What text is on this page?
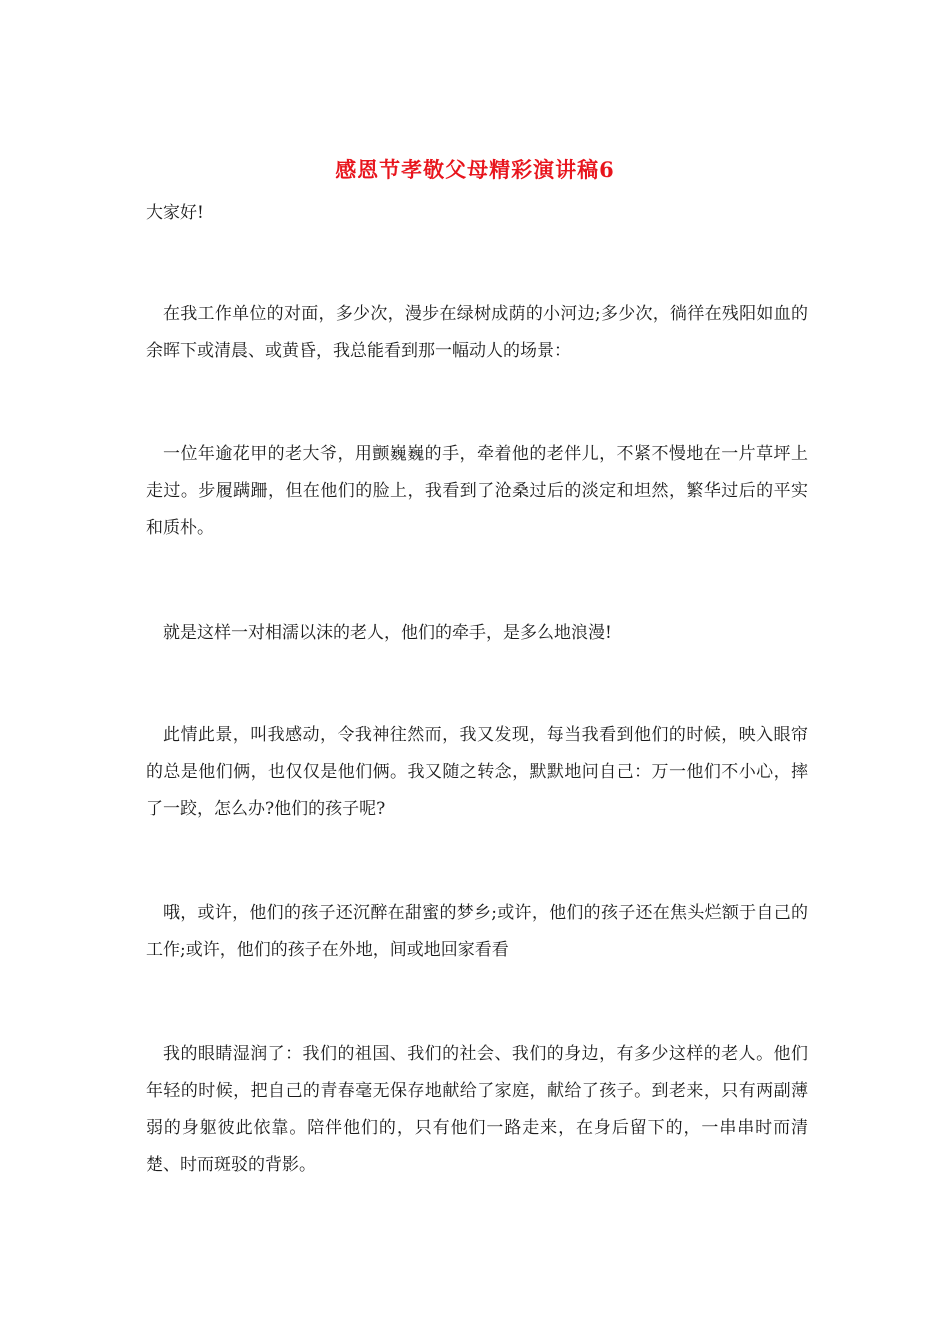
感恩节孝敬父母精彩演讲稿6
大家好!

在我工作单位的对面，多少次，漫步在绿树成荫的小河边;多少次，徜徉在残阳如血的余晖下或清晨、或黄昏，我总能看到那一幅动人的场景：

一位年逾花甲的老大爷，用颤巍巍的手，牵着他的老伴儿，不紧不慢地在一片草坪上走过。步履蹒跚，但在他们的脸上，我看到了沧桑过后的淡定和坦然，繁华过后的平实和质朴。

就是这样一对相濡以沫的老人，他们的牵手，是多么地浪漫!

此情此景，叫我感动，令我神往然而，我又发现，每当我看到他们的时候，映入眼帘的总是他们俩，也仅仅是他们俩。我又随之转念，默默地问自己：万一他们不小心，摔了一跤，怎么办?他们的孩子呢?

哦，或许，他们的孩子还沉醉在甜蜜的梦乡;或许，他们的孩子还在焦头烂额于自己的工作;或许，他们的孩子在外地，间或地回家看看

我的眼睛湿润了：我们的祖国、我们的社会、我们的身边，有多少这样的老人。他们年轻的时候，把自己的青春毫无保存地献给了家庭，献给了孩子。到老来，只有两副薄弱的身躯彼此依靠。陪伴他们的，只有他们一路走来，在身后留下的，一串串时而清楚、时而斑驳的背影。
